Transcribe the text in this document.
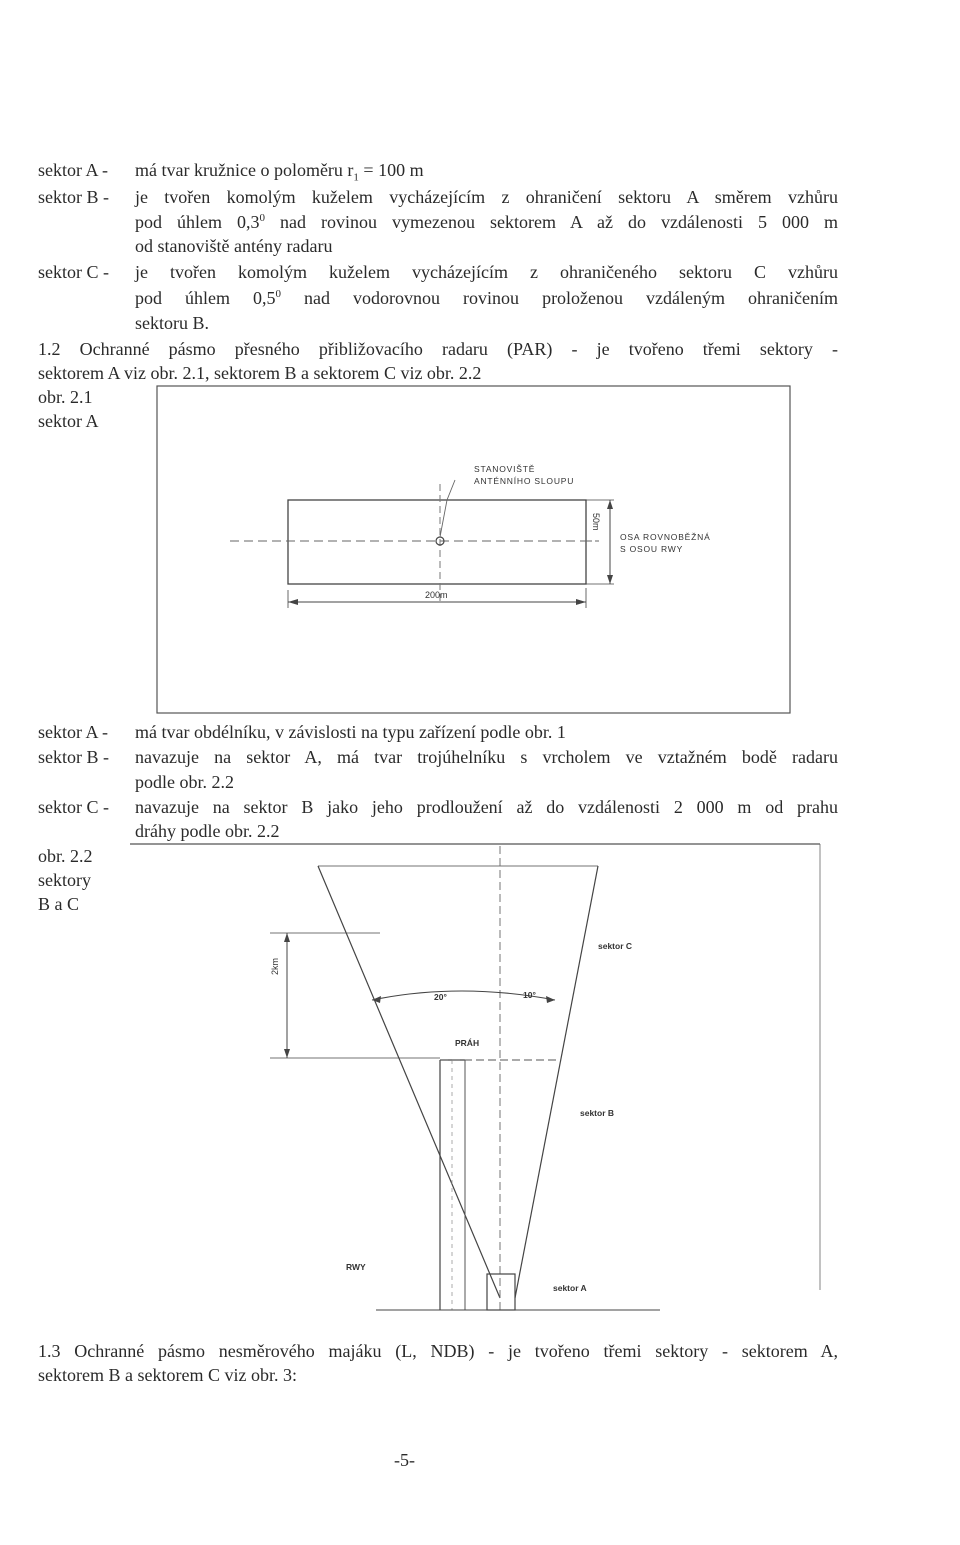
sektor A - má tvar kružnice o poloměru $r_1 = 100$ m
sektor B - je tvořen komolým kuželem vycházejícím z ohraničení sektoru A směrem vzhůru
pod úhlem $0,3^0$ nad rovinou vymezenou sektorem A až do vzdálenosti 5 000 m
od stanoviště antény radaru
sektor C - je tvořen komolým kuželem vycházejícím z ohraničeného sektoru C vzhůru
pod úhlem $0,5^0$ nad vodorovnou rovinou proloženou vzdáleným ohraničením
sektoru B.
1.2 Ochranné pásmo přesného přibližovacího radaru (PAR) - je tvořeno třemi sektory -
sektorem A viz obr. 2.1, sektorem B a sektorem C viz obr. 2.2
obr. 2.1
sektor A
STANOVIŠTĚ
ANTÉNNÍHO SLOUPU
50m
OSA ROVNOBĚŽNÁ
S OSOU RWY
200m
sektor A - má tvar obdélníku, v závislosti na typu zařízení podle obr. 1
sektor B - navazuje na sektor A, má tvar trojúhelníku s vrcholem ve vztažném bodě radaru
podle obr. 2.2
sektor C - navazuje na sektor B jako jeho prodloužení až do vzdálenosti 2 000 m od prahu
dráhy podle obr. 2.2
obr. 2.2
sektory
B a C
2km
sektor C
20°	10°
PRÁH
sektor B
RWY
sektor A
1.3 Ochranné pásmo nesměrového majáku (L, NDB) - je tvořeno třemi sektory - sektorem A,
sektorem B a sektorem C viz obr. 3:
-5-
